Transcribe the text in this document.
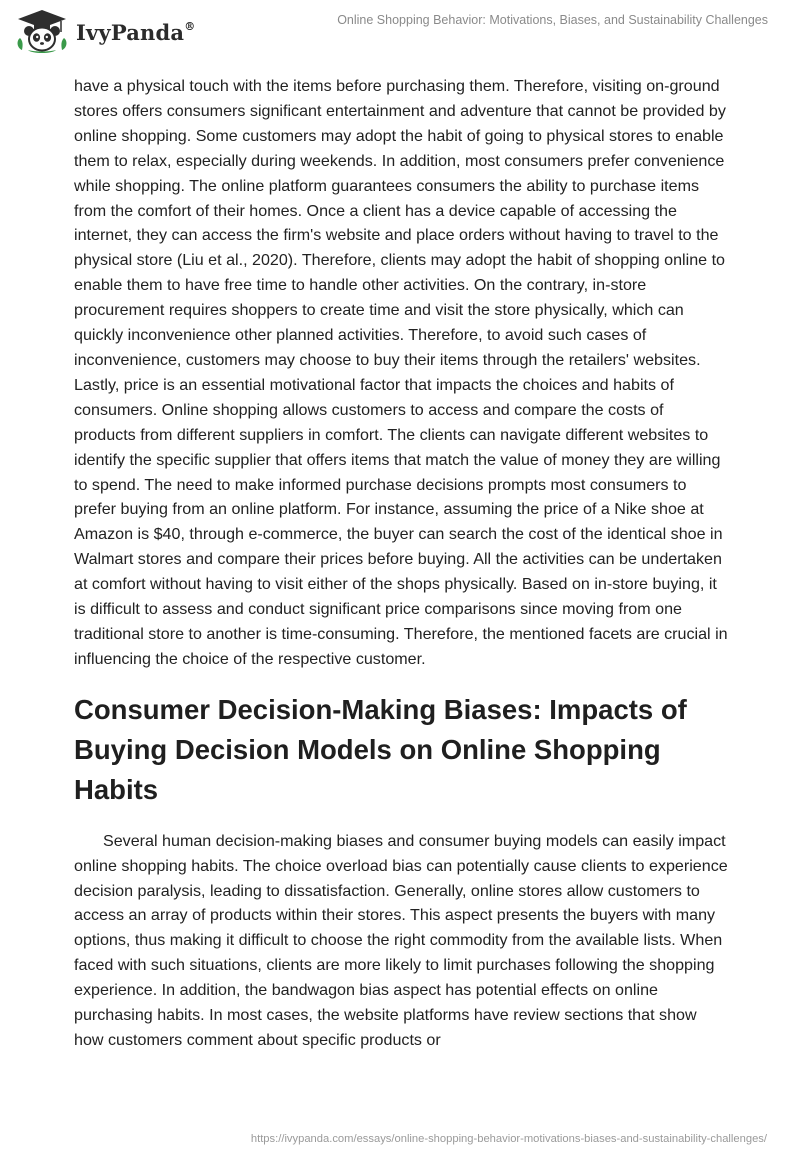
IvyPanda®	Online Shopping Behavior: Motivations, Biases, and Sustainability Challenges

have a physical touch with the items before purchasing them. Therefore, visiting on-ground stores offers consumers significant entertainment and adventure that cannot be provided by online shopping. Some customers may adopt the habit of going to physical stores to enable them to relax, especially during weekends. In addition, most consumers prefer convenience while shopping. The online platform guarantees consumers the ability to purchase items from the comfort of their homes. Once a client has a device capable of accessing the internet, they can access the firm's website and place orders without having to travel to the physical store (Liu et al., 2020). Therefore, clients may adopt the habit of shopping online to enable them to have free time to handle other activities. On the contrary, in-store procurement requires shoppers to create time and visit the store physically, which can quickly inconvenience other planned activities. Therefore, to avoid such cases of inconvenience, customers may choose to buy their items through the retailers' websites. Lastly, price is an essential motivational factor that impacts the choices and habits of consumers. Online shopping allows customers to access and compare the costs of products from different suppliers in comfort. The clients can navigate different websites to identify the specific supplier that offers items that match the value of money they are willing to spend. The need to make informed purchase decisions prompts most consumers to prefer buying from an online platform. For instance, assuming the price of a Nike shoe at Amazon is $40, through e-commerce, the buyer can search the cost of the identical shoe in Walmart stores and compare their prices before buying. All the activities can be undertaken at comfort without having to visit either of the shops physically. Based on in-store buying, it is difficult to assess and conduct significant price comparisons since moving from one traditional store to another is time-consuming. Therefore, the mentioned facets are crucial in influencing the choice of the respective customer.

Consumer Decision-Making Biases: Impacts of Buying Decision Models on Online Shopping Habits

Several human decision-making biases and consumer buying models can easily impact online shopping habits. The choice overload bias can potentially cause clients to experience decision paralysis, leading to dissatisfaction. Generally, online stores allow customers to access an array of products within their stores. This aspect presents the buyers with many options, thus making it difficult to choose the right commodity from the available lists. When faced with such situations, clients are more likely to limit purchases following the shopping experience. In addition, the bandwagon bias aspect has potential effects on online purchasing habits. In most cases, the website platforms have review sections that show how customers comment about specific products or

https://ivypanda.com/essays/online-shopping-behavior-motivations-biases-and-sustainability-challenges/
